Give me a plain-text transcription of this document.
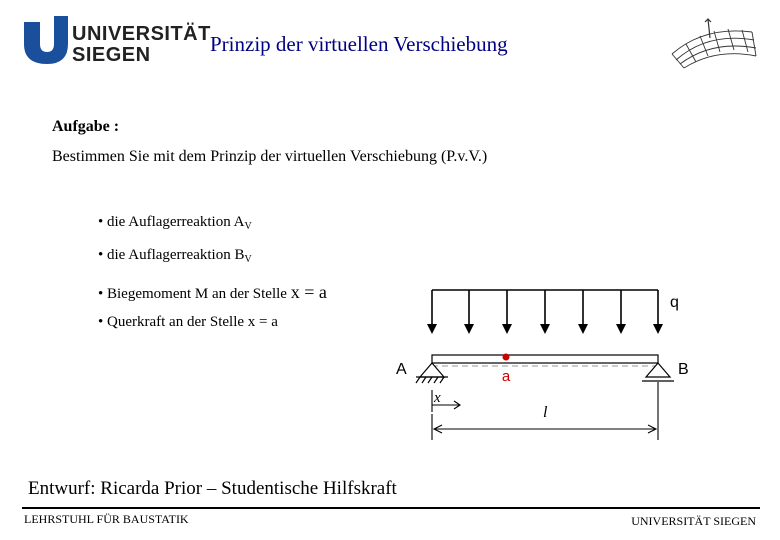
UNIVERSITÄT
SIEGEN	Prinzip der virtuellen Verschiebung
Aufgabe :
Bestimmen Sie mit dem Prinzip der virtuellen Verschiebung (P.v.V.)
• die Auflagerreaktion $A_V$
• die Auflagerreaktion $B_V$
• Biegemoment M an der Stelle x = a
• Querkraft an der Stelle x = a
q
A	B
a
x
l
Entwurf: Ricarda Prior – Studentische Hilfskraft
LEHRSTUHL FÜR BAUSTATIK	UNIVERSITÄT SIEGEN
